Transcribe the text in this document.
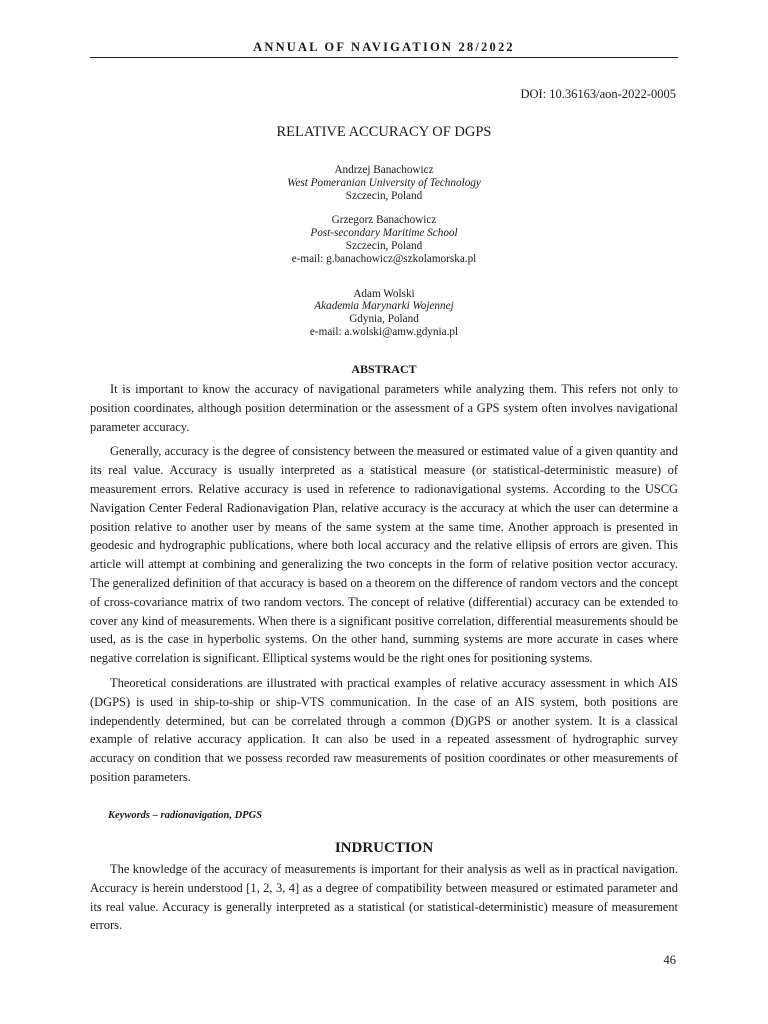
ANNUAL OF NAVIGATION 28/2022
DOI: 10.36163/aon-2022-0005
RELATIVE ACCURACY OF DGPS
Andrzej Banachowicz
West Pomeranian University of Technology
Szczecin, Poland
Grzegorz Banachowicz
Post-secondary Maritime School
Szczecin, Poland
e-mail: g.banachowicz@szkolamorska.pl
Adam Wolski
Akademia Marynarki Wojennej
Gdynia, Poland
e-mail: a.wolski@amw.gdynia.pl
ABSTRACT

It is important to know the accuracy of navigational parameters while analyzing them. This refers not only to position coordinates, although position determination or the assessment of a GPS system often involves navigational parameter accuracy.

Generally, accuracy is the degree of consistency between the measured or estimated value of a given quantity and its real value. Accuracy is usually interpreted as a statistical measure (or statistical-deterministic measure) of measurement errors. Relative accuracy is used in reference to radionavigational systems. According to the USCG Navigation Center Federal Radionavigation Plan, relative accuracy is the accuracy at which the user can determine a position relative to another user by means of the same system at the same time. Another approach is presented in geodesic and hydrographic publications, where both local accuracy and the relative ellipsis of errors are given. This article will attempt at combining and generalizing the two concepts in the form of relative position vector accuracy. The generalized definition of that accuracy is based on a theorem on the difference of random vectors and the concept of cross-covariance matrix of two random vectors. The concept of relative (differential) accuracy can be extended to cover any kind of measurements. When there is a significant positive correlation, differential measurements should be used, as is the case in hyperbolic systems. On the other hand, summing systems are more accurate in cases where negative correlation is significant. Elliptical systems would be the right ones for positioning systems.

Theoretical considerations are illustrated with practical examples of relative accuracy assessment in which AIS (DGPS) is used in ship-to-ship or ship-VTS communication. In the case of an AIS system, both positions are independently determined, but can be correlated through a common (D)GPS or another system. It is a classical example of relative accuracy application. It can also be used in a repeated assessment of hydrographic survey accuracy on condition that we possess recorded raw measurements of position coordinates or other measurements of position parameters.

Keywords – radionavigation, DPGS
INDRUCTION

The knowledge of the accuracy of measurements is important for their analysis as well as in practical navigation. Accuracy is herein understood [1, 2, 3, 4] as a degree of compatibility between measured or estimated parameter and its real value. Accuracy is generally interpreted as a statistical (or statistical-deterministic) measure of measurement errors.

46
